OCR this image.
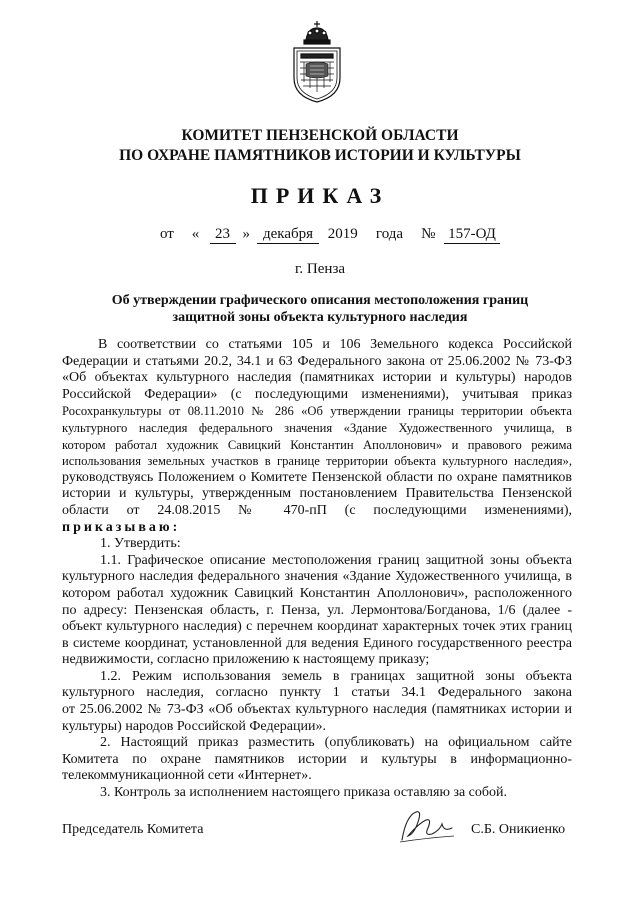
КОМИТЕТ ПЕНЗЕНСКОЙ ОБЛАСТИ
ПО ОХРАНЕ ПАМЯТНИКОВ ИСТОРИИ И КУЛЬТУРЫ
ПРИКАЗ
от « 23 » декабря 2019 года № 157-ОД
г. Пенза
Об утверждении графического описания местоположения границ
защитной зоны объекта культурного наследия
В соответствии со статьями 105 и 106 Земельного кодекса Российской
Федерации и статьями 20.2, 34.1 и 63 Федерального закона от 25.06.2002 № 73-ФЗ
«Об объектах культурного наследия (памятниках истории и культуры) народов
Российской Федерации» (с последующими изменениями), учитывая приказ
Росохранкультуры от 08.11.2010 № 286 «Об утверждении границы территории объекта
культурного наследия федерального значения «Здание Художественного училища, в
котором работал художник Савицкий Константин Аполлонович» и правового режима
использования земельных участков в границе территории объекта культурного наследия»,
руководствуясь Положением о Комитете Пензенской области по охране памятников
истории и культуры, утвержденным постановлением Правительства Пензенской
области от 24.08.2015 № 470-пП (с последующими изменениями),
приказываю:
1. Утвердить:
1.1. Графическое описание местоположения границ защитной зоны объекта
культурного наследия федерального значения «Здание Художественного училища, в
котором работал художник Савицкий Константин Аполлонович», расположенного
по адресу: Пензенская область, г. Пенза, ул. Лермонтова/Богданова, 1/6 (далее -
объект культурного наследия) с перечнем координат характерных точек этих границ
в системе координат, установленной для ведения Единого государственного реестра
недвижимости, согласно приложению к настоящему приказу;
1.2. Режим использования земель в границах защитной зоны объекта
культурного наследия, согласно пункту 1 статьи 34.1 Федерального закона
от 25.06.2002 № 73-ФЗ «Об объектах культурного наследия (памятниках истории и
культуры) народов Российской Федерации».
2. Настоящий приказ разместить (опубликовать) на официальном сайте
Комитета по охране памятников истории и культуры в информационно-
телекоммуникационной сети «Интернет».
3. Контроль за исполнением настоящего приказа оставляю за собой.
Председатель Комитета	С.Б. Оникиенко
